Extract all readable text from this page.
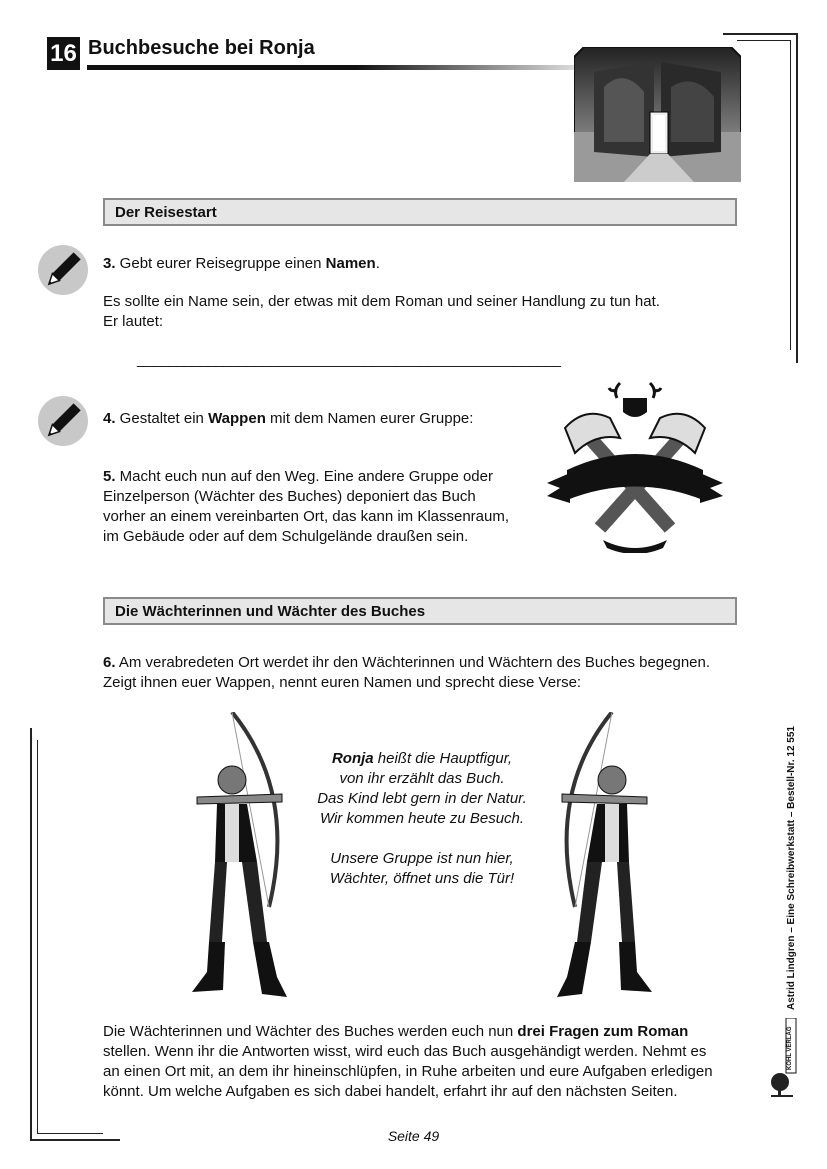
16 Buchbesuche bei Ronja
Der Reisestart
3. Gebt eurer Reisegruppe einen Namen.
Es sollte ein Name sein, der etwas mit dem Roman und seiner Handlung zu tun hat.
Er lautet:
______________________________________________________
4. Gestaltet ein Wappen mit dem Namen eurer Gruppe:
5. Macht euch nun auf den Weg. Eine andere Gruppe oder
Einzelperson (Wächter des Buches) deponiert das Buch
vorher an einem vereinbarten Ort, das kann im Klassenraum,
im Gebäude oder auf dem Schulgelände draußen sein.
Die Wächterinnen und Wächter des Buches
6. Am verabredeten Ort werdet ihr den Wächterinnen und Wächtern des Buches begegnen.
Zeigt ihnen euer Wappen, nennt euren Namen und sprecht diese Verse:
Ronja heißt die Hauptfigur,
von ihr erzählt das Buch.
Das Kind lebt gern in der Natur.
Wir kommen heute zu Besuch.
Unsere Gruppe ist nun hier,
Wächter, öffnet uns die Tür!
Die Wächterinnen und Wächter des Buches werden euch nun drei Fragen zum Roman
stellen. Wenn ihr die Antworten wisst, wird euch das Buch ausgehändigt werden. Nehmt es
an einen Ort mit, an dem ihr hineinschlüpfen, in Ruhe arbeiten und eure Aufgaben erledigen
könnt. Um welche Aufgaben es sich dabei handelt, erfahrt ihr auf den nächsten Seiten.
Seite 49
Astrid Lindgren – Eine Schreibwerkstatt – Bestell-Nr. 12 551
KOHL VERLAG
